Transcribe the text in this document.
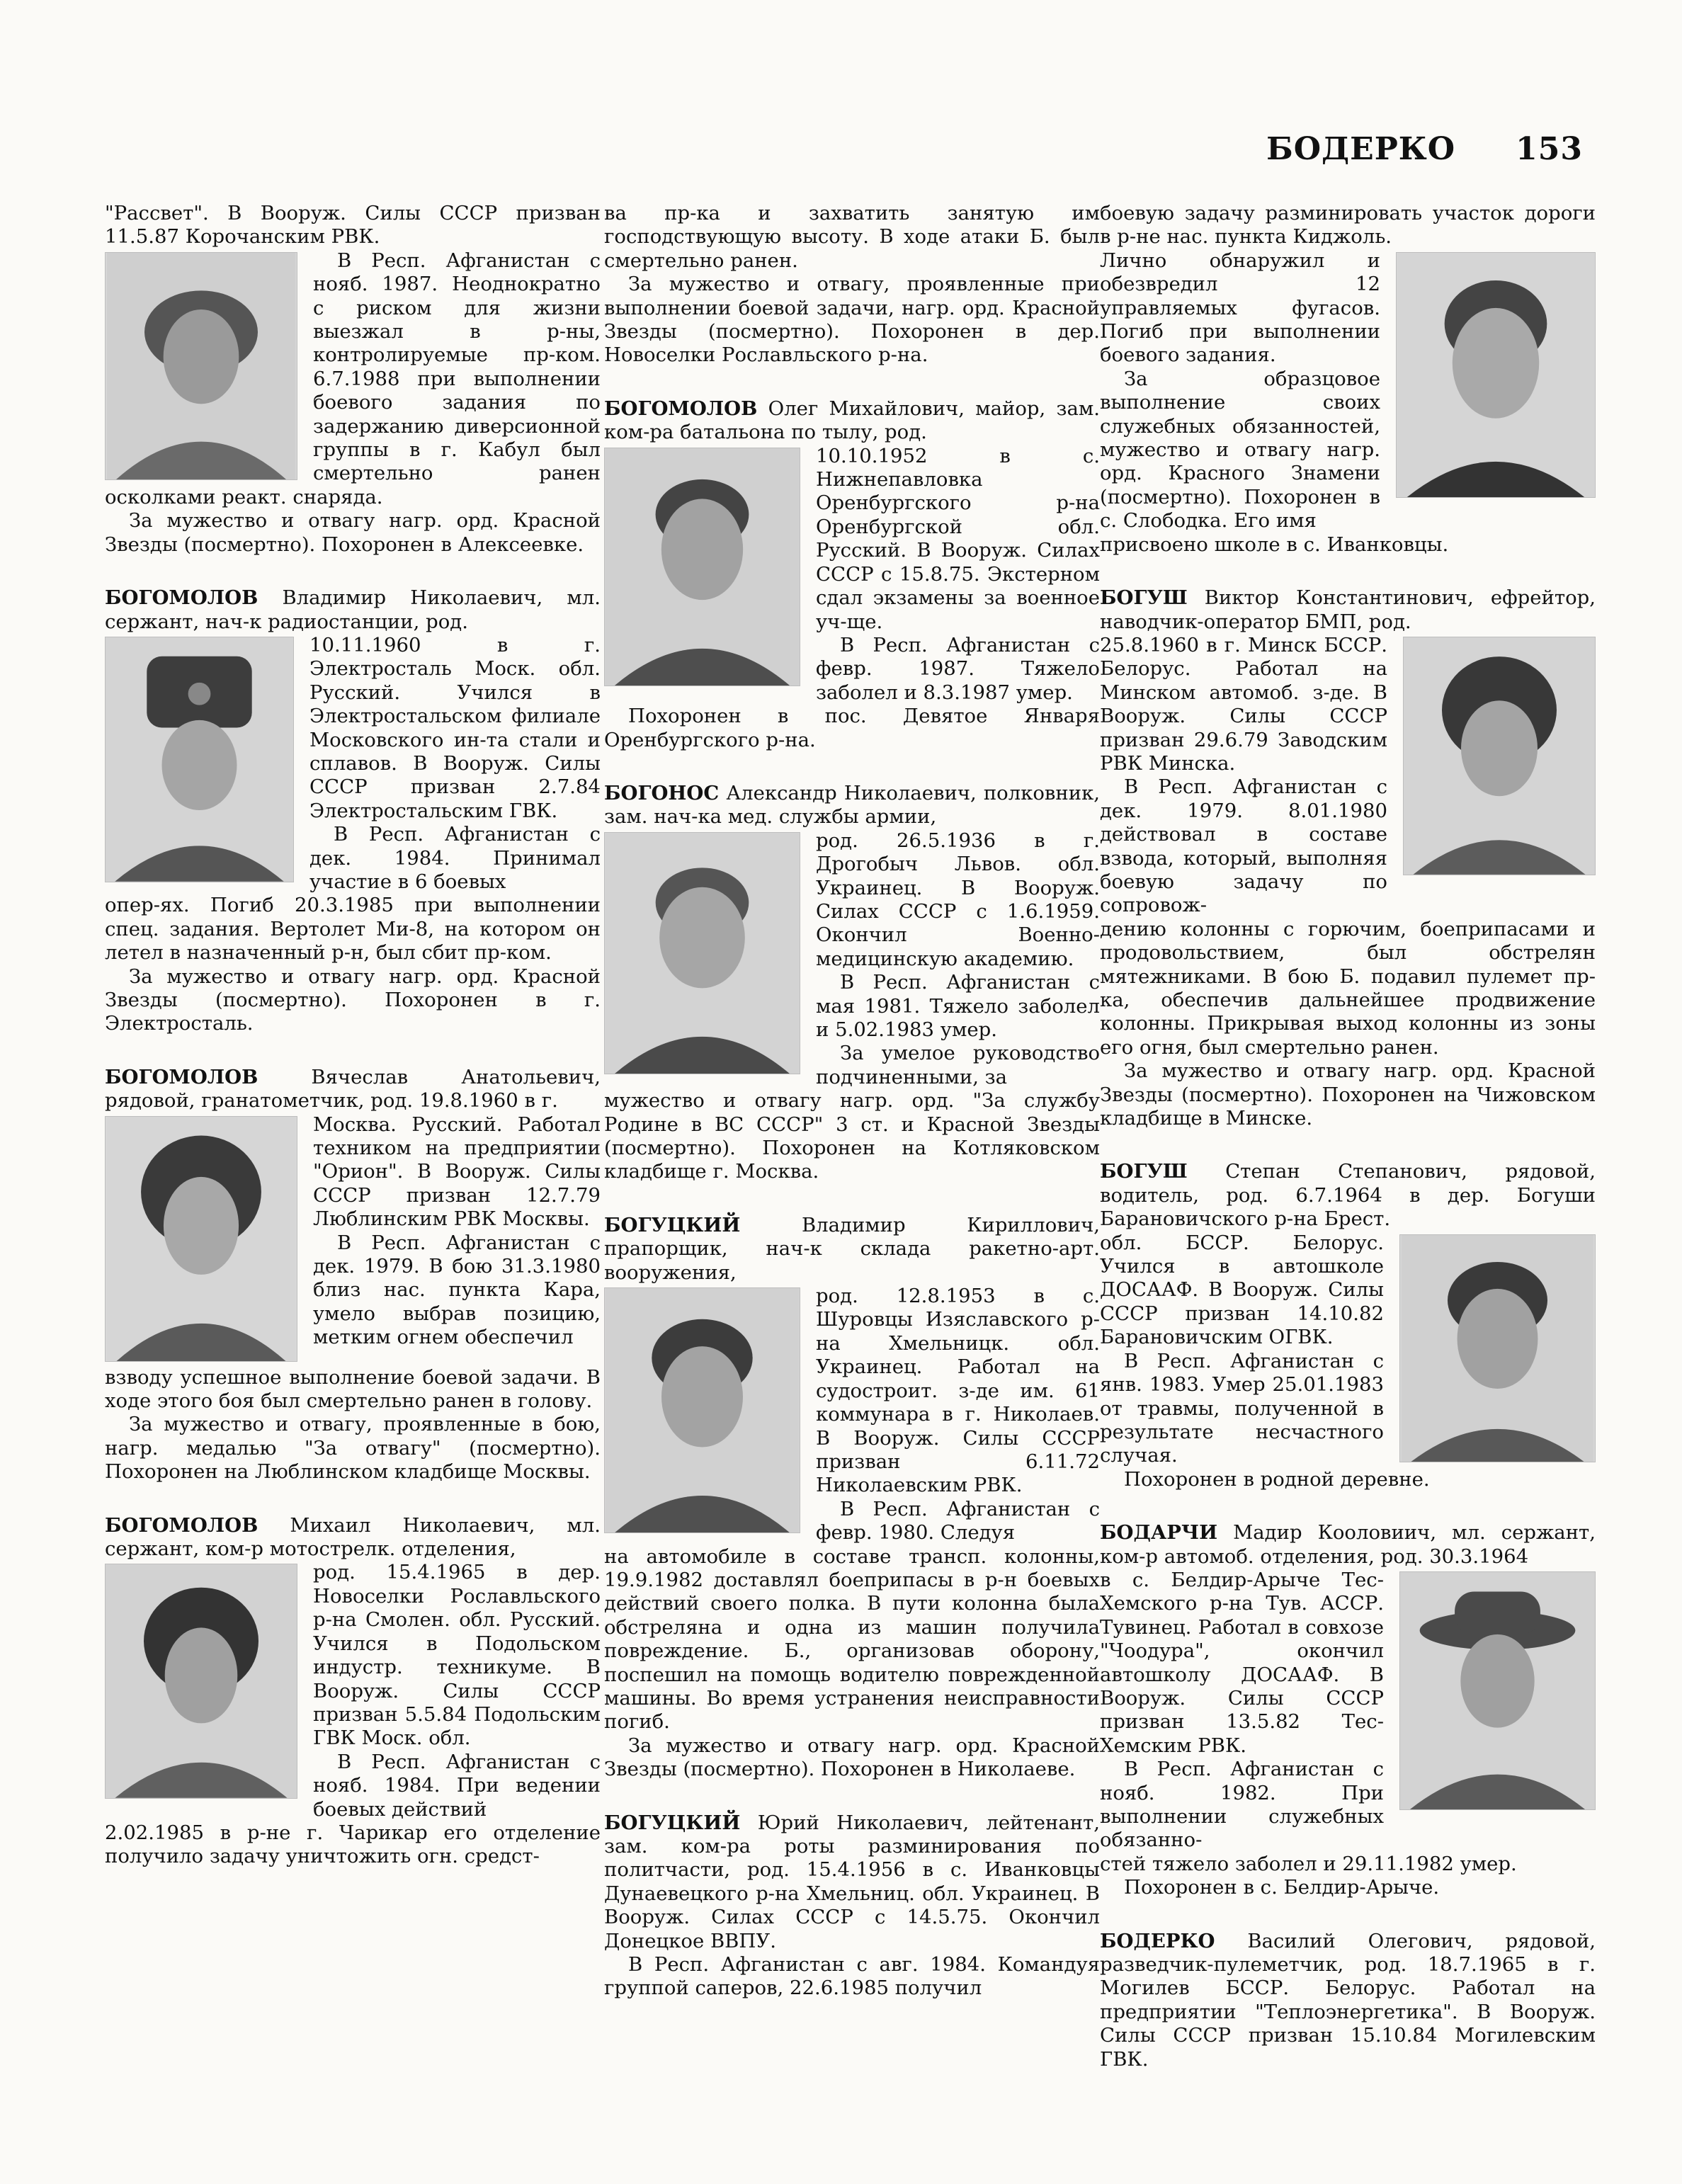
БОДЕРКО 153

"Рассвет". В Вооруж. Силы СССР призван 11.5.87 Корочанским РВК.

В Респ. Афганистан с нояб. 1987. Неоднократно с риском для жизни выезжал в р-ны, контролируемые пр-ком. 6.7.1988 при выполнении боевого задания по задержанию диверсионной группы в г. Кабул был смертельно ранен осколками реакт. снаряда.

За мужество и отвагу нагр. орд. Красной Звезды (посмертно). Похоронен в Алексеевке.

БОГОМОЛОВ Владимир Николаевич, мл. сержант, нач-к радиостанции, род.

10.11.1960 в г. Электросталь Моск. обл. Русский. Учился в Электростальском филиале Московского ин-та стали и сплавов. В Вооруж. Силы СССР призван 2.7.84 Электростальским ГВК.

В Респ. Афганистан с дек. 1984. Принимал участие в 6 боевых

опер-ях. Погиб 20.3.1985 при выполнении спец. задания. Вертолет Ми-8, на котором он летел в назначенный р-н, был сбит пр-ком.

За мужество и отвагу нагр. орд. Красной Звезды (посмертно). Похоронен в г. Электросталь.

БОГОМОЛОВ	Вячеслав Анатольевич, рядовой, гранатометчик, род. 19.8.1960 в г.

Москва. Русский. Работал техником на предприятии "Орион". В Вооруж. Силы СССР призван 12.7.79 Люблинским РВК Москвы.

В Респ. Афганистан с дек. 1979. В бою 31.3.1980 близ нас. пункта Кара, умело выбрав позицию, метким огнем обеспечил

взводу успешное выполнение боевой задачи. В ходе этого боя был смертельно ранен в голову.

За мужество и отвагу, проявленные в бою, нагр. медалью "За отвагу" (посмертно). Похоронен на Люблинском кладбище Москвы.

БОГОМОЛОВ Михаил Николаевич, мл. сержант, ком-р мотострелк. отделения,

род. 15.4.1965 в дер. Новоселки Рославльского р-на Смолен. обл. Русский. Учился в Подольском индустр. техникуме. В Вооруж. Силы СССР призван 5.5.84 Подольским ГВК Моск. обл.

В Респ. Афганистан с нояб. 1984. При ведении боевых действий

2.02.1985 в р-не г. Чарикар его отделение получило задачу уничтожить огн. средст-

ва пр-ка и захватить занятую им господствующую высоту. В ходе атаки Б. был смертельно ранен.

За мужество и отвагу, проявленные при выполнении боевой задачи, нагр. орд. Красной Звезды (посмертно). Похоронен в дер. Новоселки Рославльского р-на.

БОГОМОЛОВ Олег Михайлович, майор, зам. ком-ра батальона по тылу, род.

10.10.1952 в с. Нижнепавловка Оренбургского р-на Оренбургской обл. Русский. В Вооруж. Силах СССР с 15.8.75. Экстерном сдал экзамены за военное уч-ще.

В Респ. Афганистан с февр. 1987. Тяжело заболел и 8.3.1987 умер.

Похоронен в пос. Девятое Января Оренбургского р-на.

БОГОНОС Александр Николаевич, полковник, зам. нач-ка мед. службы армии,

род. 26.5.1936 в г. Дрогобыч Львов. обл. Украинец. В Вооруж. Силах СССР с 1.6.1959. Окончил Военно-медицинскую академию.

В Респ. Афганистан с мая 1981. Тяжело заболел и 5.02.1983 умер.

За умелое руководство подчиненными, за

мужество и отвагу нагр. орд. "За службу Родине в ВС СССР" 3 ст. и Красной Звезды (посмертно). Похоронен на Котляковском кладбище г. Москва.

БОГУЦКИЙ	Владимир Кириллович, прапорщик, нач-к склада ракетно-арт. вооружения,

род. 12.8.1953 в с. Шуровцы Изяславского р-на Хмельницк. обл. Украинец. Работал на судостроит. з-де им. 61 коммунара в г. Николаев. В Вооруж. Силы СССР призван 6.11.72 Николаевским РВК.

В Респ. Афганистан с февр. 1980. Следуя

на автомобиле в составе трансп. колонны, 19.9.1982 доставлял боеприпасы в р-н боевых действий своего полка. В пути колонна была обстреляна и одна из машин получила повреждение. Б., организовав оборону, поспешил на помощь водителю поврежденной машины. Во время устранения неисправности погиб.

За мужество и отвагу нагр. орд. Красной Звезды (посмертно). Похоронен в Николаеве.

БОГУЦКИЙ Юрий Николаевич, лейтенант, зам. ком-ра роты разминирования по политчасти, род. 15.4.1956 в с. Иванковцы Дунаевецкого р-на Хмельниц. обл. Украинец. В Вооруж. Силах СССР с 14.5.75. Окончил Донецкое ВВПУ.

В Респ. Афганистан с авг. 1984. Командуя группой саперов, 22.6.1985 получил

боевую задачу разминировать участок дороги в р-не нас. пункта Киджоль.

Лично обнаружил и обезвредил 12 управляемых фугасов. Погиб при выполнении боевого задания.

За образцовое выполнение своих служебных обязанностей, мужество и отвагу нагр. орд. Красного Знамени (посмертно). Похоронен в с. Слободка. Его имя

присвоено школе в с. Иванковцы.

БОГУШ Виктор Константинович, ефрейтор, наводчик-оператор БМП, род.

25.8.1960 в г. Минск БССР. Белорус. Работал на Минском автомоб. з-де. В Вооруж. Силы СССР призван 29.6.79 Заводским РВК Минска.

В Респ. Афганистан с дек. 1979. 8.01.1980 действовал в составе взвода, который, выполняя боевую задачу по сопровож-

дению колонны с горючим, боеприпасами и продовольствием, был обстрелян мятежниками. В бою Б. подавил пулемет пр-ка, обеспечив дальнейшее продвижение колонны. Прикрывая выход колонны из зоны его огня, был смертельно ранен.

За мужество и отвагу нагр. орд. Красной Звезды (посмертно). Похоронен на Чижовском кладбище в Минске.

БОГУШ Степан Степанович, рядовой, водитель, род. 6.7.1964 в дер. Богуши Барановичского р-на Брест.

обл. БССР. Белорус. Учился в автошколе ДОСААФ. В Вооруж. Силы СССР призван 14.10.82 Барановичским ОГВК.

В Респ. Афганистан с янв. 1983. Умер 25.01.1983 от травмы, полученной в результате несчастного случая.

Похоронен в родной деревне.

БОДАРЧИ Мадир Кооловиич, мл. сержант, ком-р автомоб. отделения, род. 30.3.1964

в с. Белдир-Арыче Тес-Хемского р-на Тув. АССР. Тувинец. Работал в совхозе "Чоодура", окончил автошколу ДОСААФ. В Вооруж. Силы СССР призван 13.5.82 Тес-Хемским РВК.

В Респ. Афганистан с нояб. 1982. При выполнении служебных обязанно-

стей тяжело заболел и 29.11.1982 умер.

Похоронен в с. Белдир-Арыче.

БОДЕРКО Василий Олегович, рядовой, разведчик-пулеметчик, род. 18.7.1965 в г. Могилев БССР. Белорус. Работал на предприятии "Теплоэнергетика". В Вооруж. Силы СССР призван 15.10.84 Могилевским ГВК.
